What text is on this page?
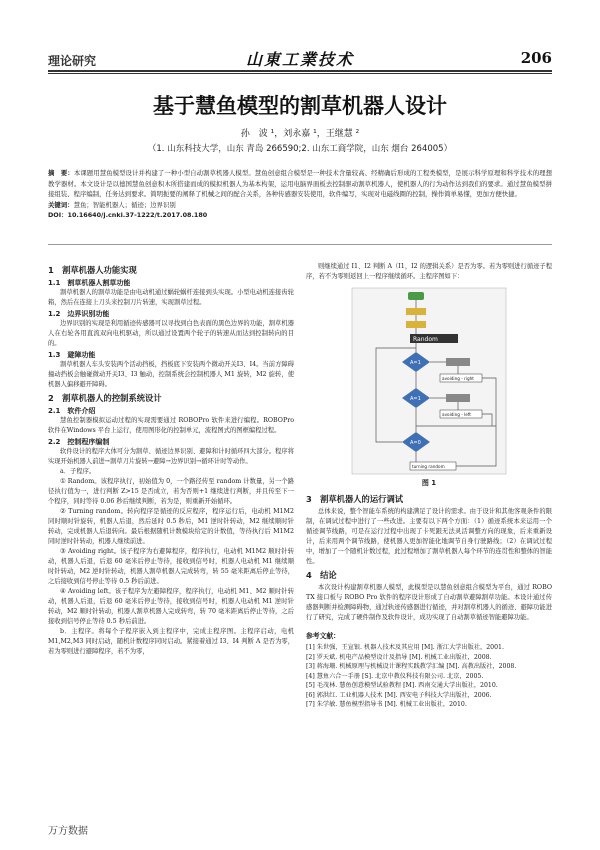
理论研究	山東工業技术	206
基于慧鱼模型的割草机器人设计
孙　波 ¹，刘永嘉 ¹，王继慧 ²
（1. 山东科技大学，山东 青岛 266590;2. 山东工商学院，山东 烟台 264005）
摘　要：本课题用慧鱼模型设计并构建了一种小型自动割草机器人模型。慧鱼创意组合模型是一种技术含量较高、经精确后形成的工程类模型，是展示科学原理和科学技术的理想教学器材。本文设计是以德国慧鱼创意积木所搭建而成的模拟机器人为基本构架，运用电脑界面板去控制驱动割草机器人，使机器人的行为动作达到我们的要求。通过慧鱼模型拼接组装、程序编制，任务达到要求。简明扼要的阐释了机械之间的配合关系，各种传感器安装使用，软件编写，实现对电磁线圈的控制，操作简单易懂，更加方便快捷。
关键词：慧鱼；智能机器人；循迹；边界识别
DOI：10.16640/j.cnki.37-1222/t.2017.08.180
1　割草机器人功能实现
1.1　割草机器人割草功能
割草机器人的割草功能是由电动机通过蜗轮蜗杆连接到头实现。小型电动机连接齿轮箱，然后在连接上刀头来控制刀片转速，实现割草过程。
1.2　边界识别功能
边界识别的实现是利用循迹传感器可以寻找到白色表面的黑色边界的功能，割草机器人在右轮各用直流双向电机驱动，所以通过设置两个轮子的转速从而达到控制转向的目的。
1.3　避障功能
割草机器人车头安装两个活动挡板，挡板底下安装两个微动开关I3、I4。当前方障碍撞动挡板会触碰微动开关I3、I3 触动，控制系统会控制机器人 M1 旋转，M2 旋转，使机器人偏移避开障碍。
2　割草机器人的控制系统设计
2.1　软件介绍
慧鱼控制器模拟运动过程的实现需要通过 ROBOPro 软件来进行编程。ROBOPro 软件在Windows 平台上运行，使用图形化的控制单元，流程图式的图框编程过程。
2.2　控制程序编制
软件设计的程序大体可分为割草、循迹边界识别、避障和计时循环四大部分。程序将实现开始机器人前进→割草刀片旋转→避障→边界识别→循环计时等动作。
a．子程序。
① Random。该程序执行，初始值为 0，一个路径传至 random 计数量，另一个路径执行值为一，进行判断 Z>15 是否成立，若为否则+1 继续进行判断，并且传至下一个程序，同时等待 0.06 秒后继续判断，若为是，则重新开始循环。
② Turning random。转向程序是循迹的反应程序，程序运行后，电动机 M1M2 同时顺时针旋转，机器人后退，然后延时 0.5 秒后，M1 逆时针转动，M2 继续顺时针转动，完成机器人后退转向。最后根据随机计数模块给定的计数值，等待执行后 M1M2 同时逆时针转动，机器人继续前进。
③ Avoiding right。该子程序为右避障程序，程序执行，电动机 M1M2 顺时针转动，机器人后退，后退 60 毫米后停止等待，接收到信号时，机器人电动机 M1 继续顺时针转动，M2 逆时针转动，机器人割草机器人完成转弯，转 55 毫米距离后停止等待，之后接收到信号停止等待 0.5 秒后前进。
④ Avoiding left。该子程序为左避障程序，程序执行，电动机 M1、M2 顺时针转动，机器人后退，后退 60 毫米后停止等待，接收到信号时，机器人电动机 M1 逆时针转动，M2 顺时针转动，机器人割草机器人完成转弯，转 70 毫米距离后停止等待，之后接收到信号停止等待 0.5 秒后前进。
b．主程序。将每个子程序嵌入到主程序中，完成主程序图。主程序启动，电机 M1,M2,M3 同时启动，随机计数程序同时启动。紧接着通过 I3、I4 判断 A 是否为零，若为零则进行避障程序，若不为零，
则继续通过 I1、I2 判断 A（I1，I2 的逻辑关系）是否为零。若为零则进行循迹子程序，若不为零则返回上一程序继续循环。主程序图如下：
Random
A=1
avoiding - right
A=1
avoiding - left
A=0
turning random
图 1
3　割草机器人的运行调试
总体来说，整个智能车系统的构建满足了设计的需求。由于设计和其他客观条件的限制，在调试过程中进行了一些改进。主要有以下两个方面：（1）循迹系统本来运用一个循迹调节线路，可是在运行过程中出现了卡死跟无法灵活调整方向的现象，后来重新设计，后来用两个调节线路，使机器人更加智能化地调节自身行驶路线；（2）在调试过程中，增加了一个随机计数过程，此过程增加了割草机器人每个环节的连贯性和整体的智能性。
4　结论
本次设计构建割草机器人模型，此模型是以慧鱼创意组合模型为平台，通过 ROBO TX 接口板与 ROBO Pro 软件的程序设计形成了自动割草避障割草功能。本设计通过传感器判断并检测障碍物，通过轨迹传感器进行循迹，并对割草机器人的循迹、避障功能进行了研究，完成了硬件制作及软件设计，成功实现了自动割草循迹智能避障功能。
参考文献：
[1] 朱世强，王宣银. 机器人技术及其应用 [M]. 浙江大学出版社，2001.
[2] 罗天斌. 机电产品模型设计及指导 [M]. 机械工业出版社，2008.
[3] 蒋海珊. 机械原理与机械设计课程实践教学汇编 [M]. 高教出版社，2008.
[4] 慧鱼六合一手册 [S]. 北京中教仪科技有限公司. 北京，2005.
[5] 毛茂林. 慧鱼创意模型试验教程 [M]. 西南交通大学出版社，2010.
[6] 郭洪红. 工业机器人技术 [M]. 西安电子科技大学出版社，2006.
[7] 朱学敏. 慧鱼模型指导书 [M]. 机械工业出版社，2010.
万方数据
